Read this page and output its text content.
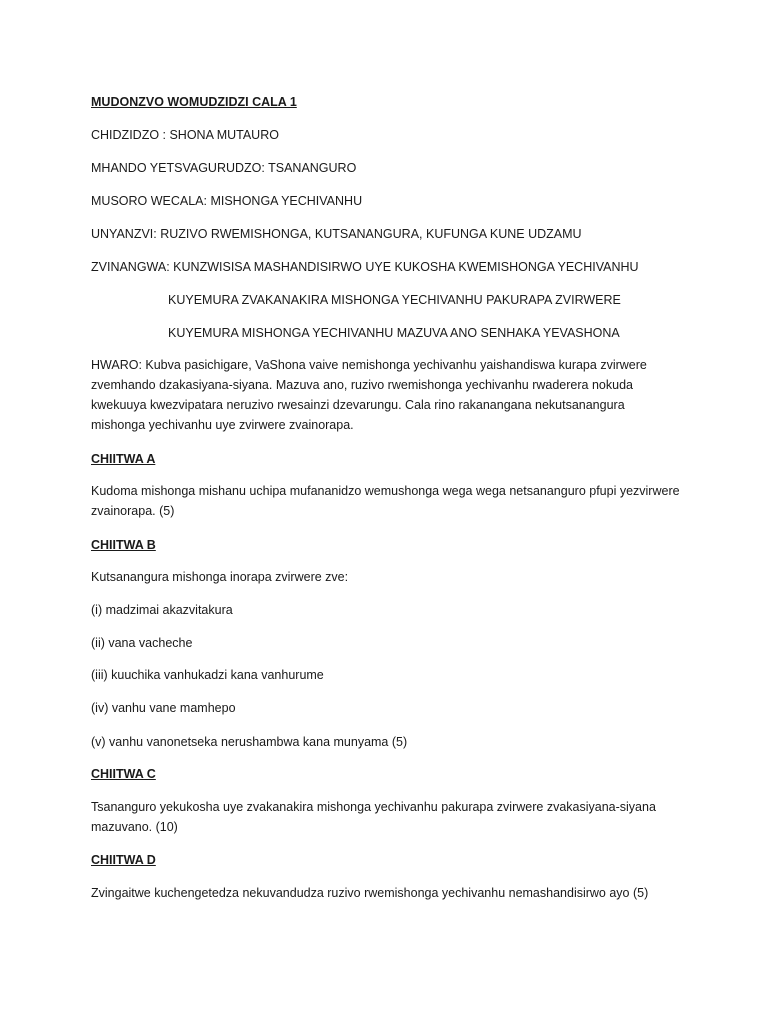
MUDONZVO WOMUDZIDZI CALA 1
CHIDZIDZO : SHONA MUTAURO
MHANDO YETSVAGURUDZO: TSANANGURO
MUSORO WECALA: MISHONGA YECHIVANHU
UNYANZVI: RUZIVO RWEMISHONGA, KUTSANANGURA, KUFUNGA KUNE UDZAMU
ZVINANGWA: KUNZWISISA MASHANDISIRWO UYE KUKOSHA KWEMISHONGA YECHIVANHU
KUYEMURA ZVAKANAKIRA MISHONGA YECHIVANHU PAKURAPA ZVIRWERE
KUYEMURA MISHONGA YECHIVANHU MAZUVA ANO SENHAKA YEVASHONA
HWARO: Kubva pasichigare, VaShona vaive nemishonga yechivanhu yaishandiswa kurapa zvirwere zvemhando dzakasiyana-siyana. Mazuva ano, ruzivo rwemishonga yechivanhu rwaderera nokuda kwekuuya kwezvipatara neruzivo rwesainzi dzevarungu. Cala rino rakanangana nekutsanangura mishonga yechivanhu uye zvirwere zvainorapa.
CHIITWA A
Kudoma mishonga mishanu uchipa mufananidzo wemushonga wega wega netsananguro pfupi yezvirwere zvainorapa. (5)
CHIITWA B
Kutsanangura mishonga inorapa zvirwere zve:
(i) madzimai akazvitakura
(ii) vana vacheche
(iii) kuuchika vanhukadzi kana vanhurume
(iv) vanhu vane mamhepo
(v) vanhu vanonetseka nerushambwa kana munyama (5)
CHIITWA C
Tsananguro yekukosha uye zvakanakira mishonga yechivanhu pakurapa zvirwere zvakasiyana-siyana mazuvano. (10)
CHIITWA D
Zvingaitwe kuchengetedza nekuvandudza ruzivo rwemishonga yechivanhu nemashandisirwo ayo (5)
